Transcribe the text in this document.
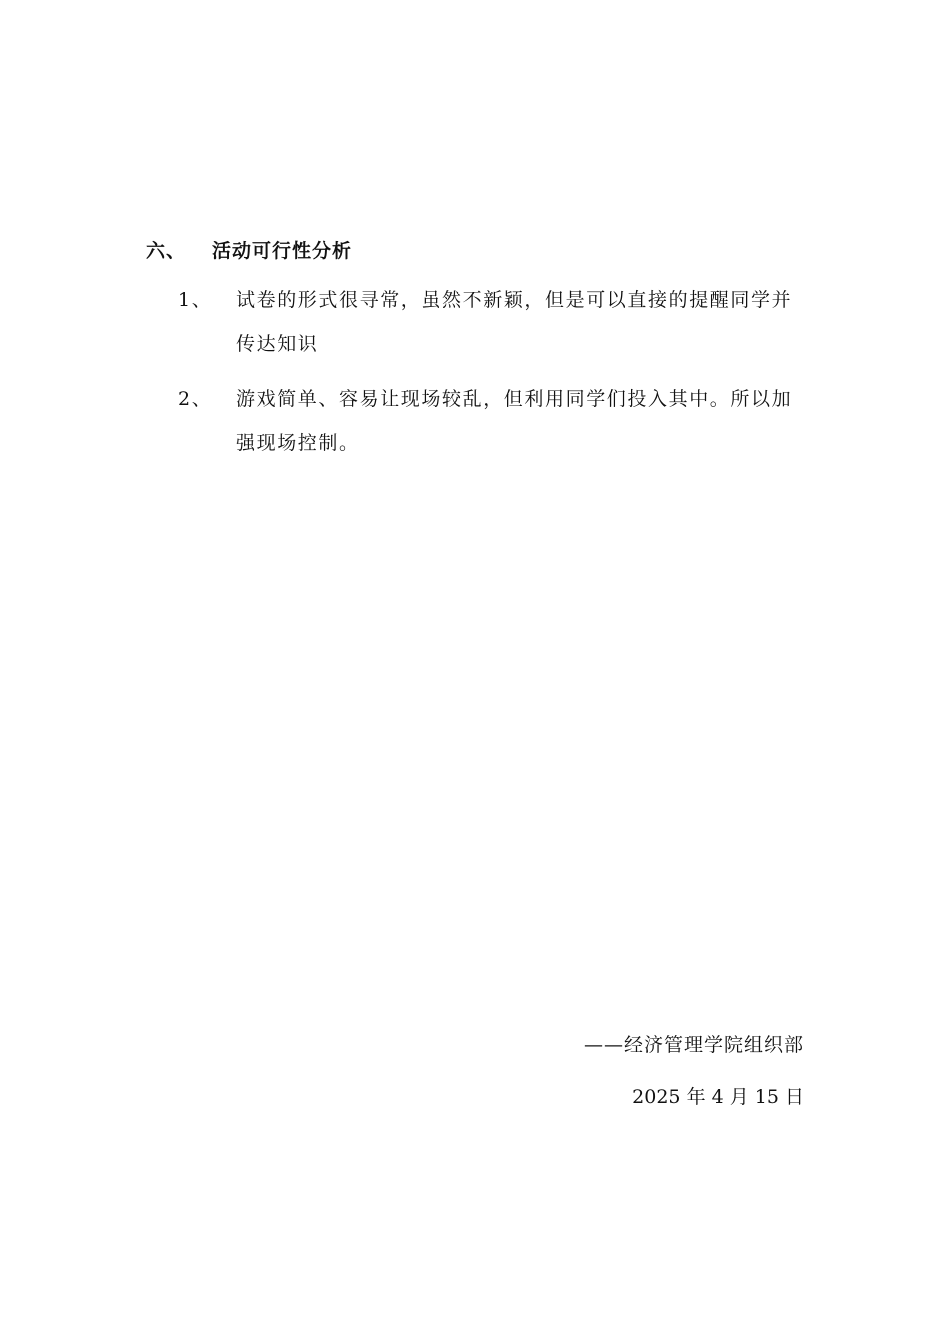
六、 活动可行性分析
1、	试卷的形式很寻常，虽然不新颖，但是可以直接的提醒同学并传达知识
2、	游戏简单、容易让现场较乱，但利用同学们投入其中。所以加强现场控制。
——经济管理学院组织部
2025 年 4 月 15 日
